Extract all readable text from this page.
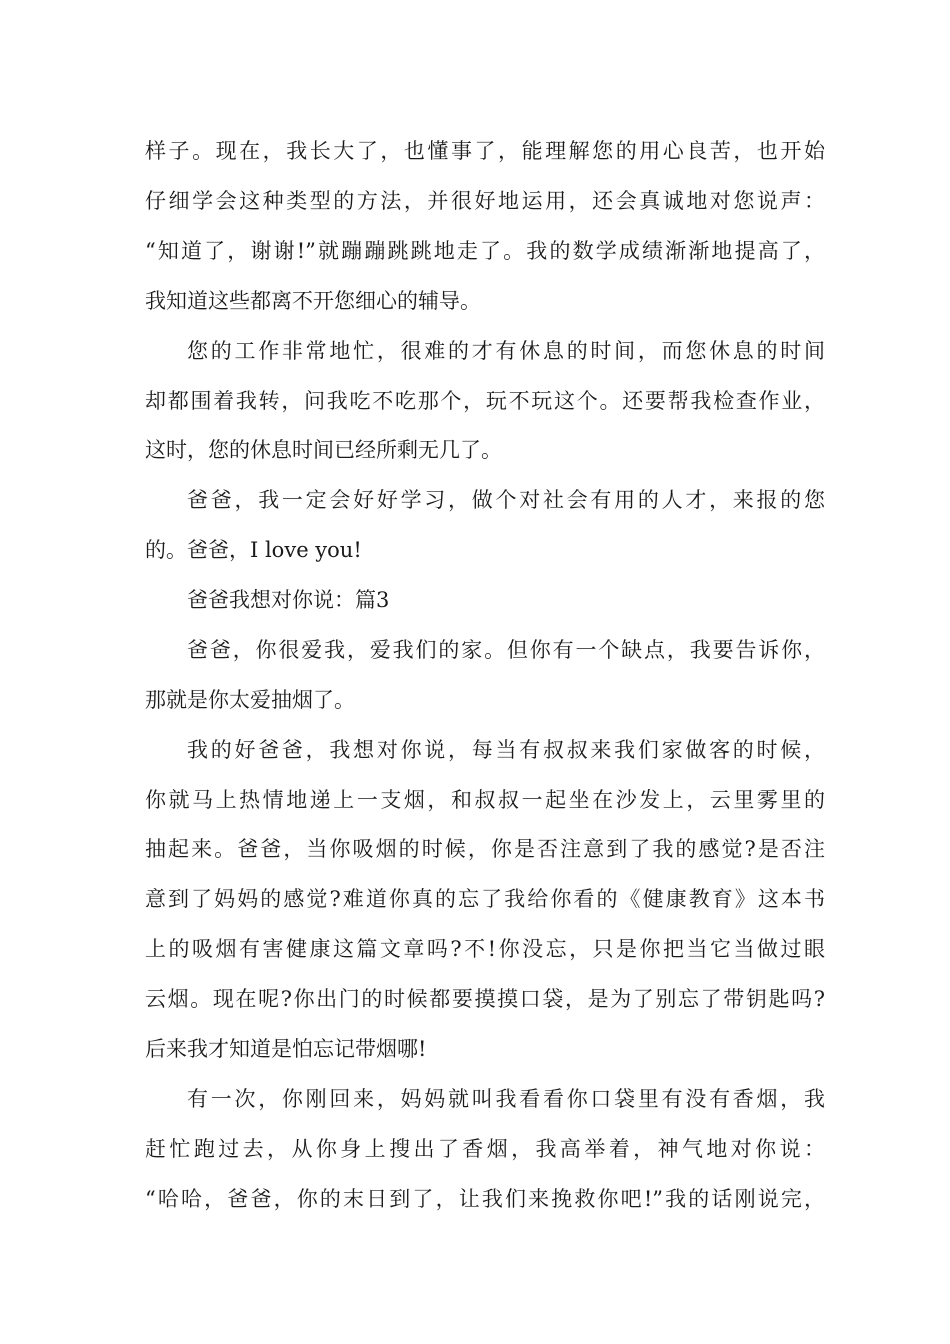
样子。现在，我长大了，也懂事了，能理解您的用心良苦，也开始
仔细学会这种类型的方法，并很好地运用，还会真诚地对您说声：
“知道了，谢谢!”就蹦蹦跳跳地走了。我的数学成绩渐渐地提高了，
我知道这些都离不开您细心的辅导。
您的工作非常地忙，很难的才有休息的时间，而您休息的时间
却都围着我转，问我吃不吃那个，玩不玩这个。还要帮我检查作业，
这时，您的休息时间已经所剩无几了。
爸爸，我一定会好好学习，做个对社会有用的人才，来报的您
的。爸爸，I love you!
爸爸我想对你说：篇3
爸爸，你很爱我，爱我们的家。但你有一个缺点，我要告诉你，
那就是你太爱抽烟了。
我的好爸爸，我想对你说，每当有叔叔来我们家做客的时候，
你就马上热情地递上一支烟，和叔叔一起坐在沙发上，云里雾里的
抽起来。爸爸，当你吸烟的时候，你是否注意到了我的感觉?是否注
意到了妈妈的感觉?难道你真的忘了我给你看的《健康教育》这本书
上的吸烟有害健康这篇文章吗?不!你没忘，只是你把当它当做过眼
云烟。现在呢?你出门的时候都要摸摸口袋，是为了别忘了带钥匙吗?
后来我才知道是怕忘记带烟哪!
有一次，你刚回来，妈妈就叫我看看你口袋里有没有香烟，我
赶忙跑过去，从你身上搜出了香烟，我高举着，神气地对你说：
“哈哈，爸爸，你的末日到了，让我们来挽救你吧!”我的话刚说完，
